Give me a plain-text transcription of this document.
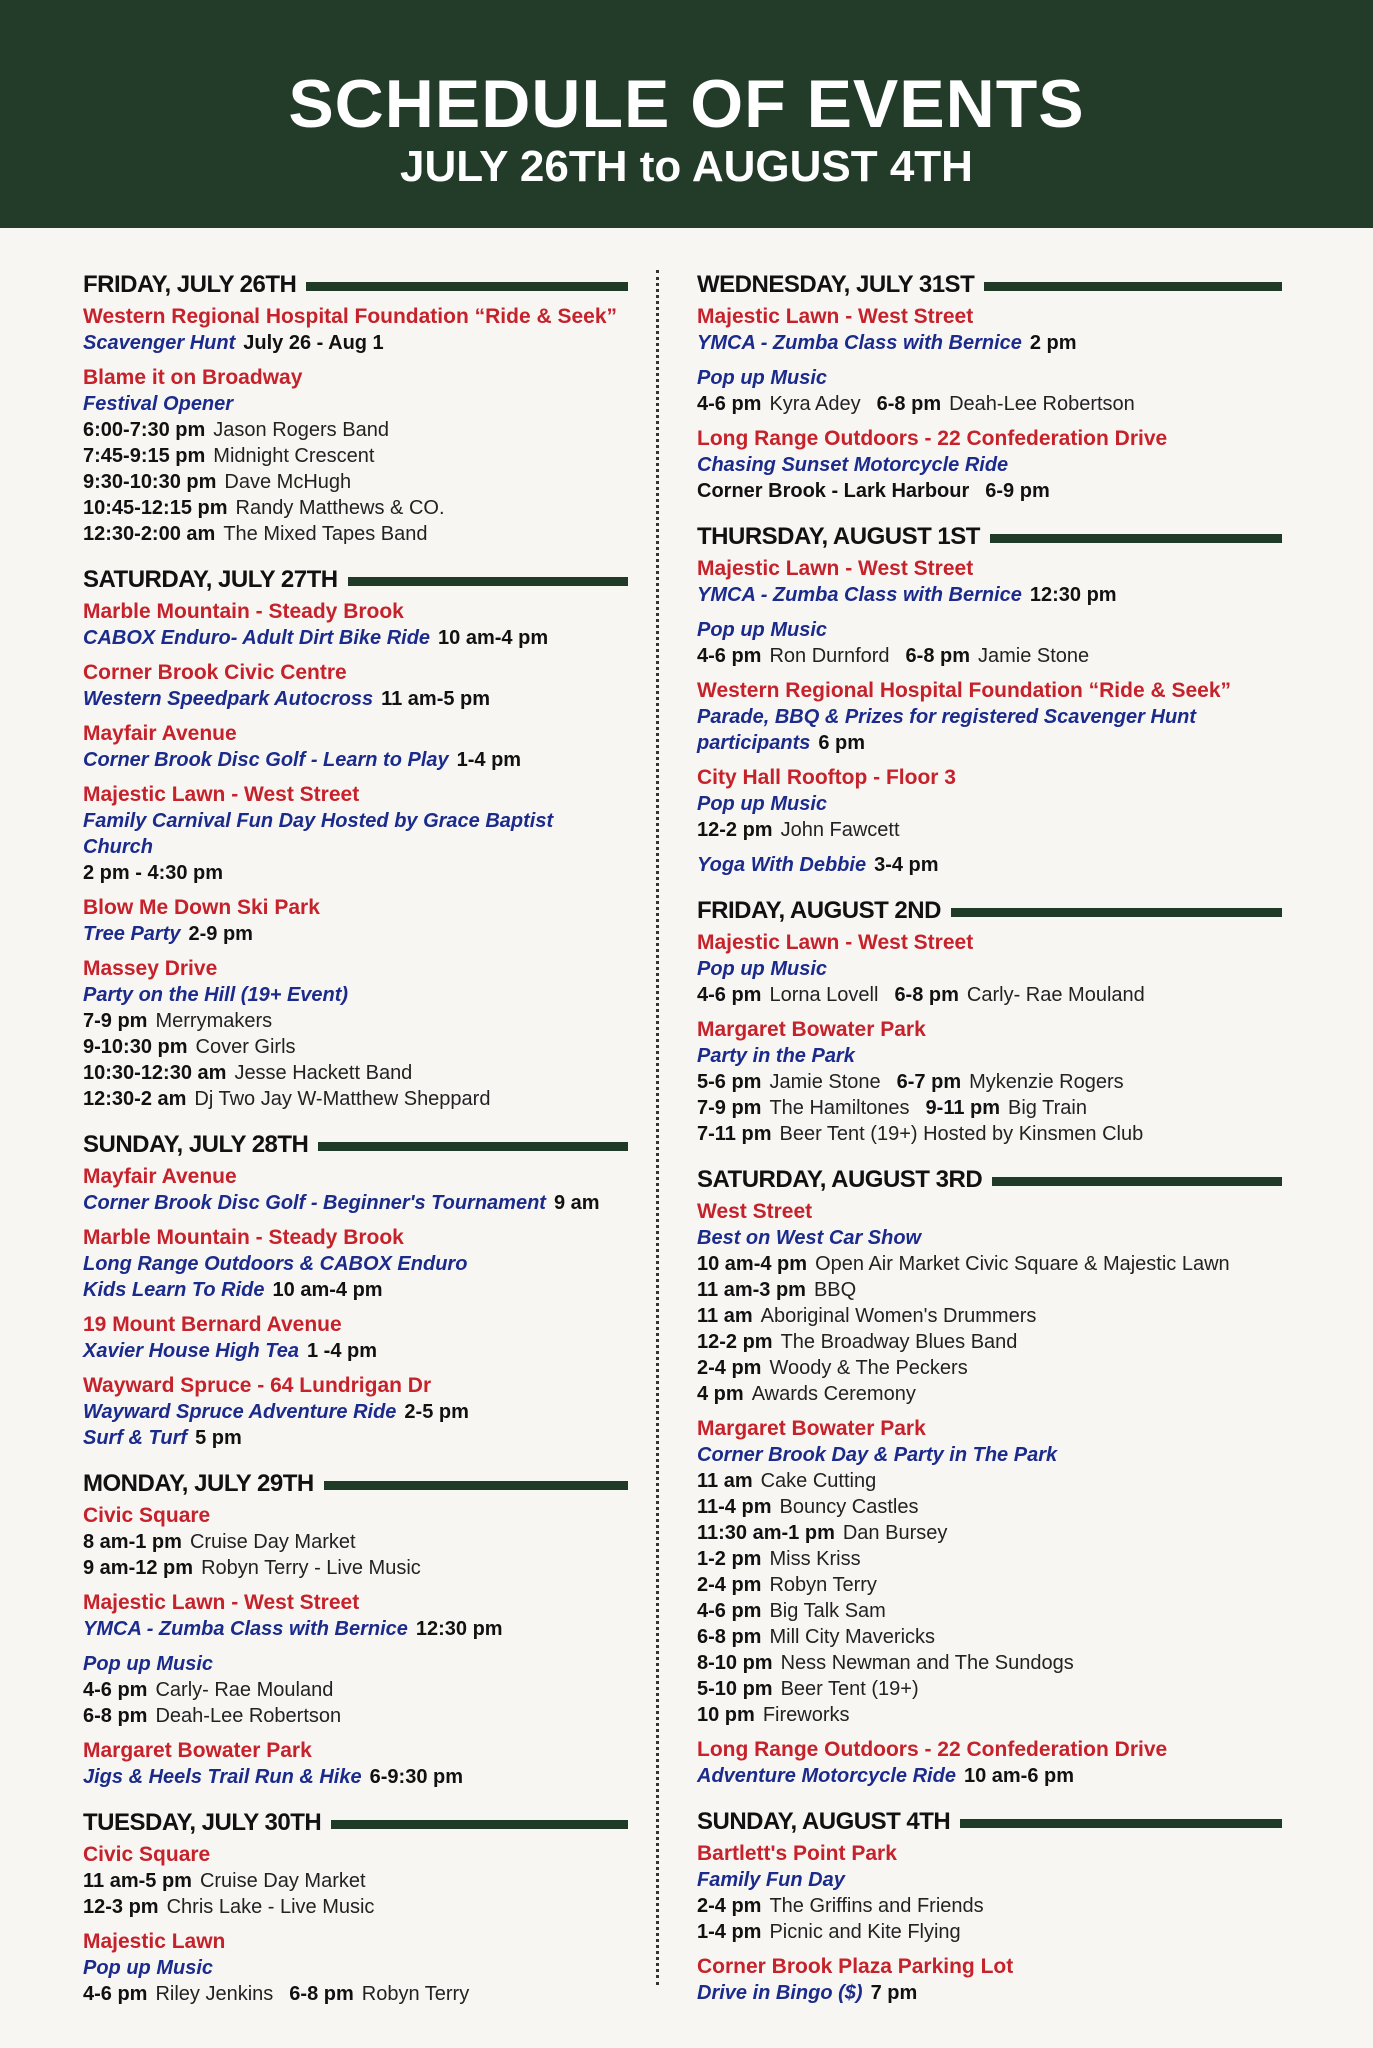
SCHEDULE OF EVENTS
JULY 26TH to AUGUST 4TH
FRIDAY, JULY 26TH
Western Regional Hospital Foundation “Ride & Seek”
Scavenger Hunt July 26 - Aug 1
Blame it on Broadway
Festival Opener
6:00-7:30 pm Jason Rogers Band
7:45-9:15 pm Midnight Crescent
9:30-10:30 pm Dave McHugh
10:45-12:15 pm Randy Matthews & CO.
12:30-2:00 am The Mixed Tapes Band
SATURDAY, JULY 27TH
Marble Mountain - Steady Brook
CABOX Enduro- Adult Dirt Bike Ride 10 am-4 pm
Corner Brook Civic Centre
Western Speedpark Autocross 11 am-5 pm
Mayfair Avenue
Corner Brook Disc Golf - Learn to Play 1-4 pm
Majestic Lawn - West Street
Family Carnival Fun Day Hosted by Grace Baptist Church
2 pm - 4:30 pm
Blow Me Down Ski Park
Tree Party 2-9 pm
Massey Drive
Party on the Hill (19+ Event)
7-9 pm Merrymakers
9-10:30 pm Cover Girls
10:30-12:30 am Jesse Hackett Band
12:30-2 am Dj Two Jay W-Matthew Sheppard
SUNDAY, JULY 28TH
Mayfair Avenue
Corner Brook Disc Golf - Beginner's Tournament 9 am
Marble Mountain - Steady Brook
Long Range Outdoors & CABOX Enduro
Kids Learn To Ride 10 am-4 pm
19 Mount Bernard Avenue
Xavier House High Tea 1 -4 pm
Wayward Spruce - 64 Lundrigan Dr
Wayward Spruce Adventure Ride 2-5 pm
Surf & Turf 5 pm
MONDAY, JULY 29TH
Civic Square
8 am-1 pm Cruise Day Market
9 am-12 pm Robyn Terry - Live Music
Majestic Lawn - West Street
YMCA - Zumba Class with Bernice 12:30 pm
Pop up Music
4-6 pm Carly- Rae Mouland
6-8 pm Deah-Lee Robertson
Margaret Bowater Park
Jigs & Heels Trail Run & Hike 6-9:30 pm
TUESDAY, JULY 30TH
Civic Square
11 am-5 pm Cruise Day Market
12-3 pm Chris Lake - Live Music
Majestic Lawn
Pop up Music
4-6 pm Riley Jenkins 6-8 pm Robyn Terry
WEDNESDAY, JULY 31ST
Majestic Lawn - West Street
YMCA - Zumba Class with Bernice 2 pm
Pop up Music
4-6 pm Kyra Adey 6-8 pm Deah-Lee Robertson
Long Range Outdoors - 22 Confederation Drive
Chasing Sunset Motorcycle Ride
Corner Brook - Lark Harbour 6-9 pm
THURSDAY, AUGUST 1ST
Majestic Lawn - West Street
YMCA - Zumba Class with Bernice 12:30 pm
Pop up Music
4-6 pm Ron Durnford 6-8 pm Jamie Stone
Western Regional Hospital Foundation “Ride & Seek”
Parade, BBQ & Prizes for registered Scavenger Hunt participants 6 pm
City Hall Rooftop - Floor 3
Pop up Music
12-2 pm John Fawcett
Yoga With Debbie 3-4 pm
FRIDAY, AUGUST 2ND
Majestic Lawn - West Street
Pop up Music
4-6 pm Lorna Lovell 6-8 pm Carly- Rae Mouland
Margaret Bowater Park
Party in the Park
5-6 pm Jamie Stone 6-7 pm Mykenzie Rogers
7-9 pm The Hamiltones 9-11 pm Big Train
7-11 pm Beer Tent (19+) Hosted by Kinsmen Club
SATURDAY, AUGUST 3RD
West Street
Best on West Car Show
10 am-4 pm Open Air Market Civic Square & Majestic Lawn
11 am-3 pm BBQ
11 am Aboriginal Women's Drummers
12-2 pm The Broadway Blues Band
2-4 pm Woody & The Peckers
4 pm Awards Ceremony
Margaret Bowater Park
Corner Brook Day & Party in The Park
11 am Cake Cutting
11-4 pm Bouncy Castles
11:30 am-1 pm Dan Bursey
1-2 pm Miss Kriss
2-4 pm Robyn Terry
4-6 pm Big Talk Sam
6-8 pm Mill City Mavericks
8-10 pm Ness Newman and The Sundogs
5-10 pm Beer Tent (19+)
10 pm Fireworks
Long Range Outdoors - 22 Confederation Drive
Adventure Motorcycle Ride 10 am-6 pm
SUNDAY, AUGUST 4TH
Bartlett's Point Park
Family Fun Day
2-4 pm The Griffins and Friends
1-4 pm Picnic and Kite Flying
Corner Brook Plaza Parking Lot
Drive in Bingo ($) 7 pm
